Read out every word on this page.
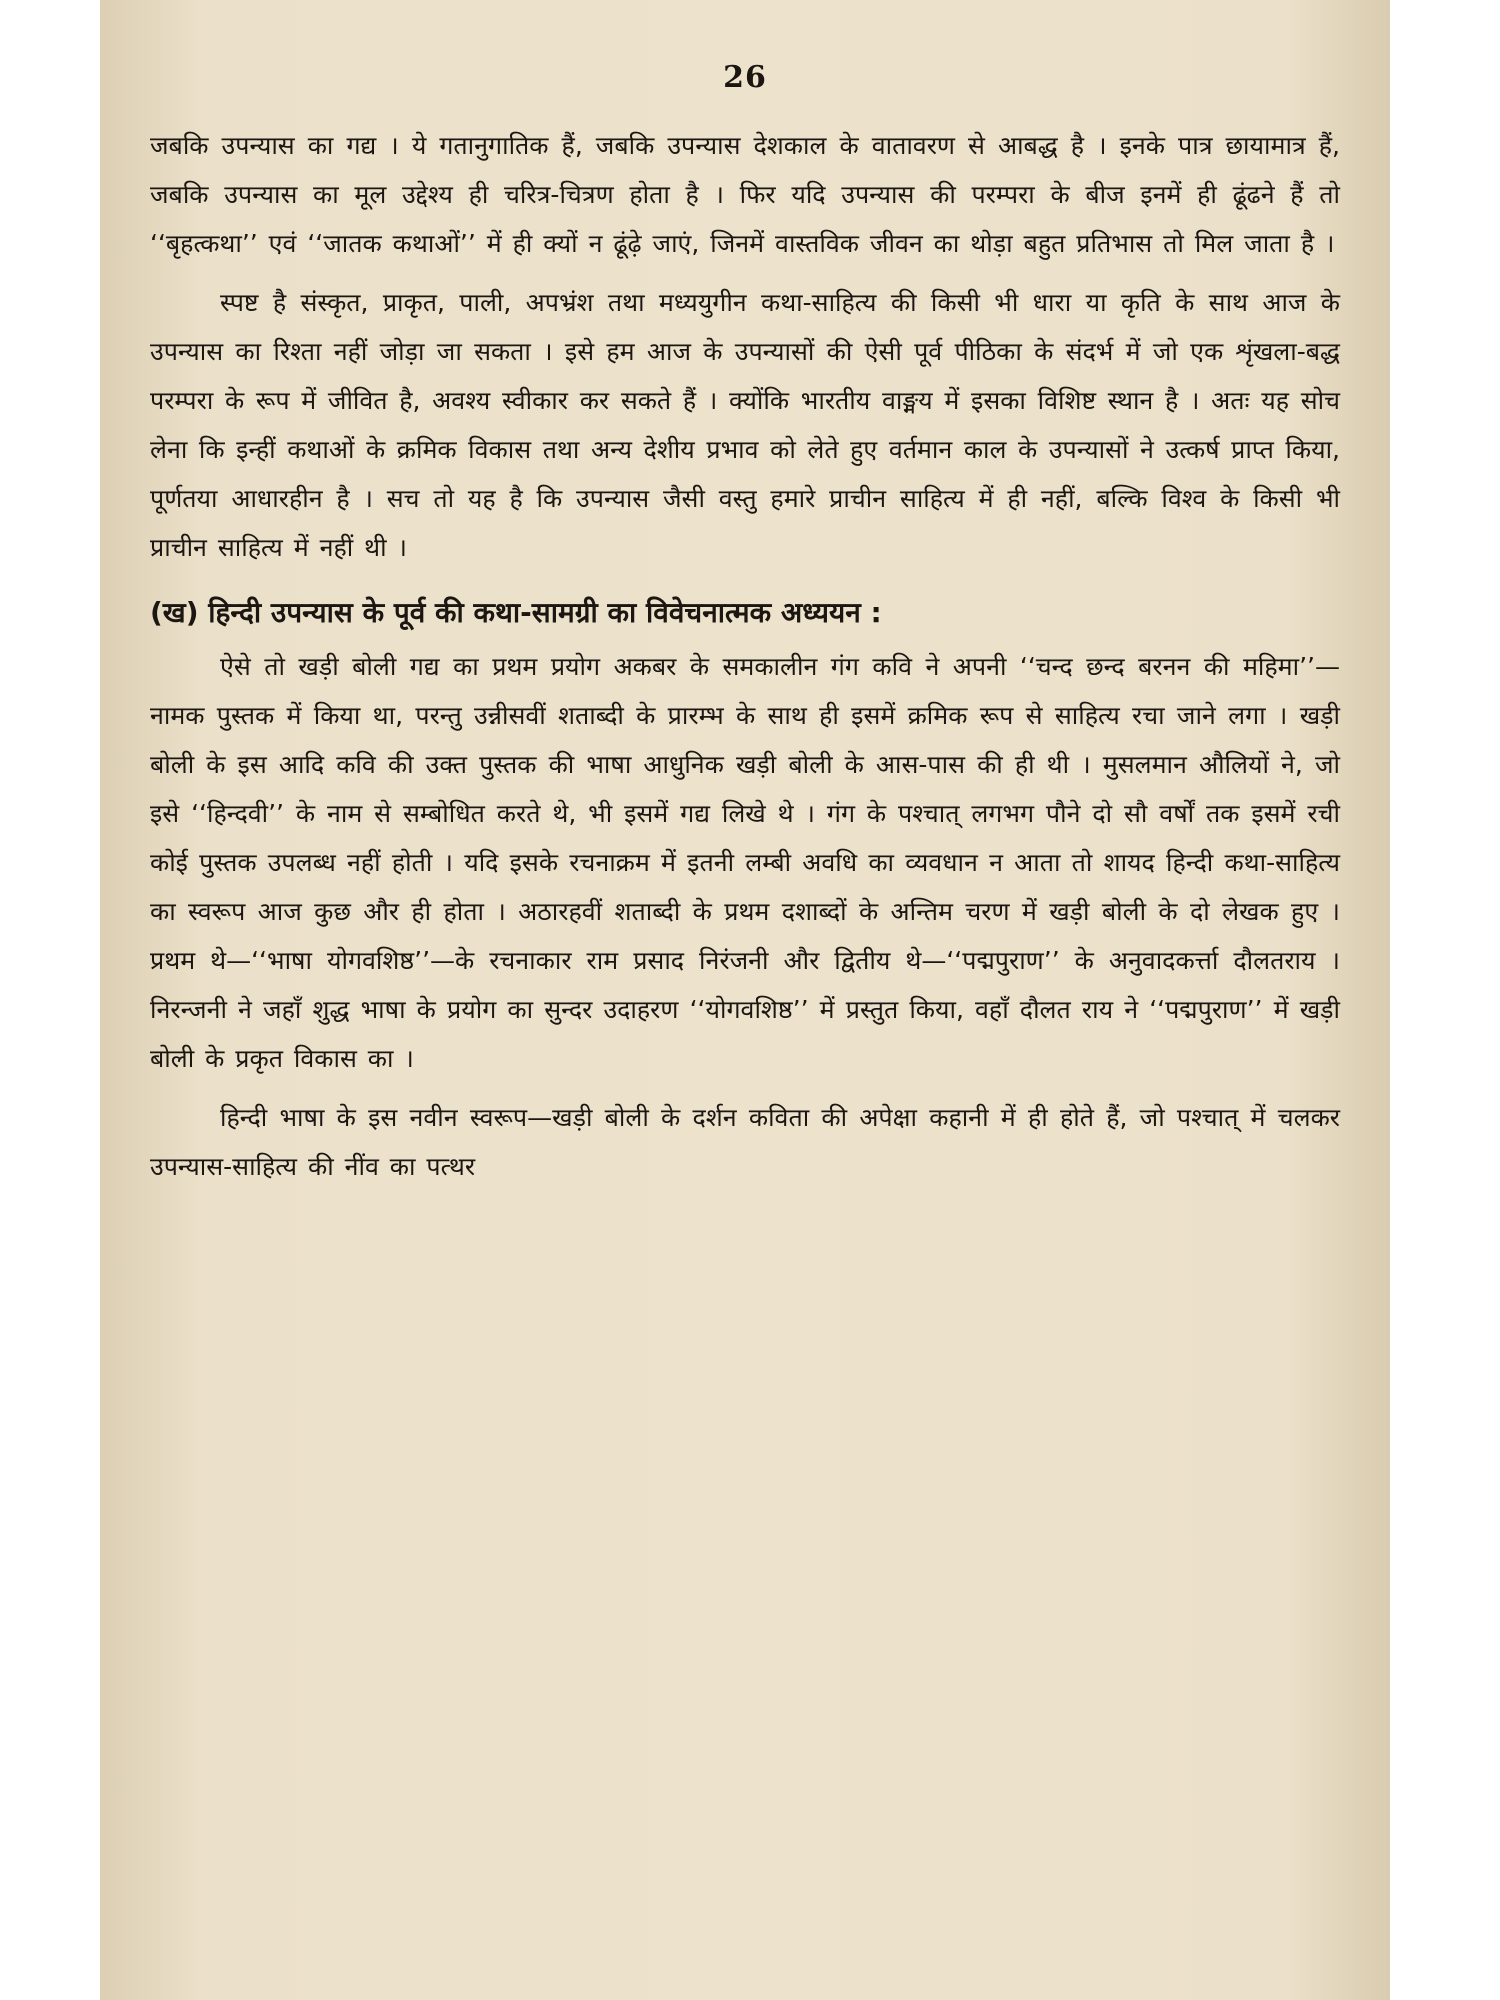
26

जबकि उपन्यास का गद्य । ये गतानुगातिक हैं, जबकि उपन्यास देशकाल के वातावरण से आबद्ध है । इनके पात्र छायामात्र हैं, जबकि उपन्यास का मूल उद्देश्य ही चरित्र-चित्रण होता है । फिर यदि उपन्यास की परम्परा के बीज इनमें ही ढूंढने हैं तो ‘‘बृहत्कथा’’ एवं ‘‘जातक कथाओं’’ में ही क्यों न ढूंढ़े जाएं, जिनमें वास्तविक जीवन का थोड़ा बहुत प्रतिभास तो मिल जाता है ।

स्पष्ट है संस्कृत, प्राकृत, पाली, अपभ्रंश तथा मध्ययुगीन कथा-साहित्य की किसी भी धारा या कृति के साथ आज के उपन्यास का रिश्ता नहीं जोड़ा जा सकता । इसे हम आज के उपन्यासों की ऐसी पूर्व पीठिका के संदर्भ में जो एक शृंखला-बद्ध परम्परा के रूप में जीवित है, अवश्य स्वीकार कर सकते हैं । क्योंकि भारतीय वाङ्मय में इसका विशिष्ट स्थान है । अतः यह सोच लेना कि इन्हीं कथाओं के क्रमिक विकास तथा अन्य देशीय प्रभाव को लेते हुए वर्तमान काल के उपन्यासों ने उत्कर्ष प्राप्त किया, पूर्णतया आधारहीन है । सच तो यह है कि उपन्यास जैसी वस्तु हमारे प्राचीन साहित्य में ही नहीं, बल्कि विश्व के किसी भी प्राचीन साहित्य में नहीं थी ।

(ख) हिन्दी उपन्यास के पूर्व की कथा-सामग्री का विवेचनात्मक अध्ययन :

ऐसे तो खड़ी बोली गद्य का प्रथम प्रयोग अकबर के समकालीन गंग कवि ने अपनी ‘‘चन्द छन्द बरनन की महिमा’’—नामक पुस्तक में किया था, परन्तु उन्नीसवीं शताब्दी के प्रारम्भ के साथ ही इसमें क्रमिक रूप से साहित्य रचा जाने लगा । खड़ी बोली के इस आदि कवि की उक्त पुस्तक की भाषा आधुनिक खड़ी बोली के आस-पास की ही थी । मुसलमान औलियों ने, जो इसे ‘‘हिन्दवी’’ के नाम से सम्बोधित करते थे, भी इसमें गद्य लिखे थे । गंग के पश्चात् लगभग पौने दो सौ वर्षों तक इसमें रची कोई पुस्तक उपलब्ध नहीं होती । यदि इसके रचनाक्रम में इतनी लम्बी अवधि का व्यवधान न आता तो शायद हिन्दी कथा-साहित्य का स्वरूप आज कुछ और ही होता । अठारहवीं शताब्दी के प्रथम दशाब्दों के अन्तिम चरण में खड़ी बोली के दो लेखक हुए । प्रथम थे—‘‘भाषा योगवशिष्ठ’’—के रचनाकार राम प्रसाद निरंजनी और द्वितीय थे—‘‘पद्मपुराण’’ के अनुवादकर्त्ता दौलतराय । निरन्जनी ने जहाँ शुद्ध भाषा के प्रयोग का सुन्दर उदाहरण ‘‘योगवशिष्ठ’’ में प्रस्तुत किया, वहाँ दौलत राय ने ‘‘पद्मपुराण’’ में खड़ी बोली के प्रकृत विकास का ।

हिन्दी भाषा के इस नवीन स्वरूप—खड़ी बोली के दर्शन कविता की अपेक्षा कहानी में ही होते हैं, जो पश्चात् में चलकर उपन्यास-साहित्य की नींव का पत्थर
